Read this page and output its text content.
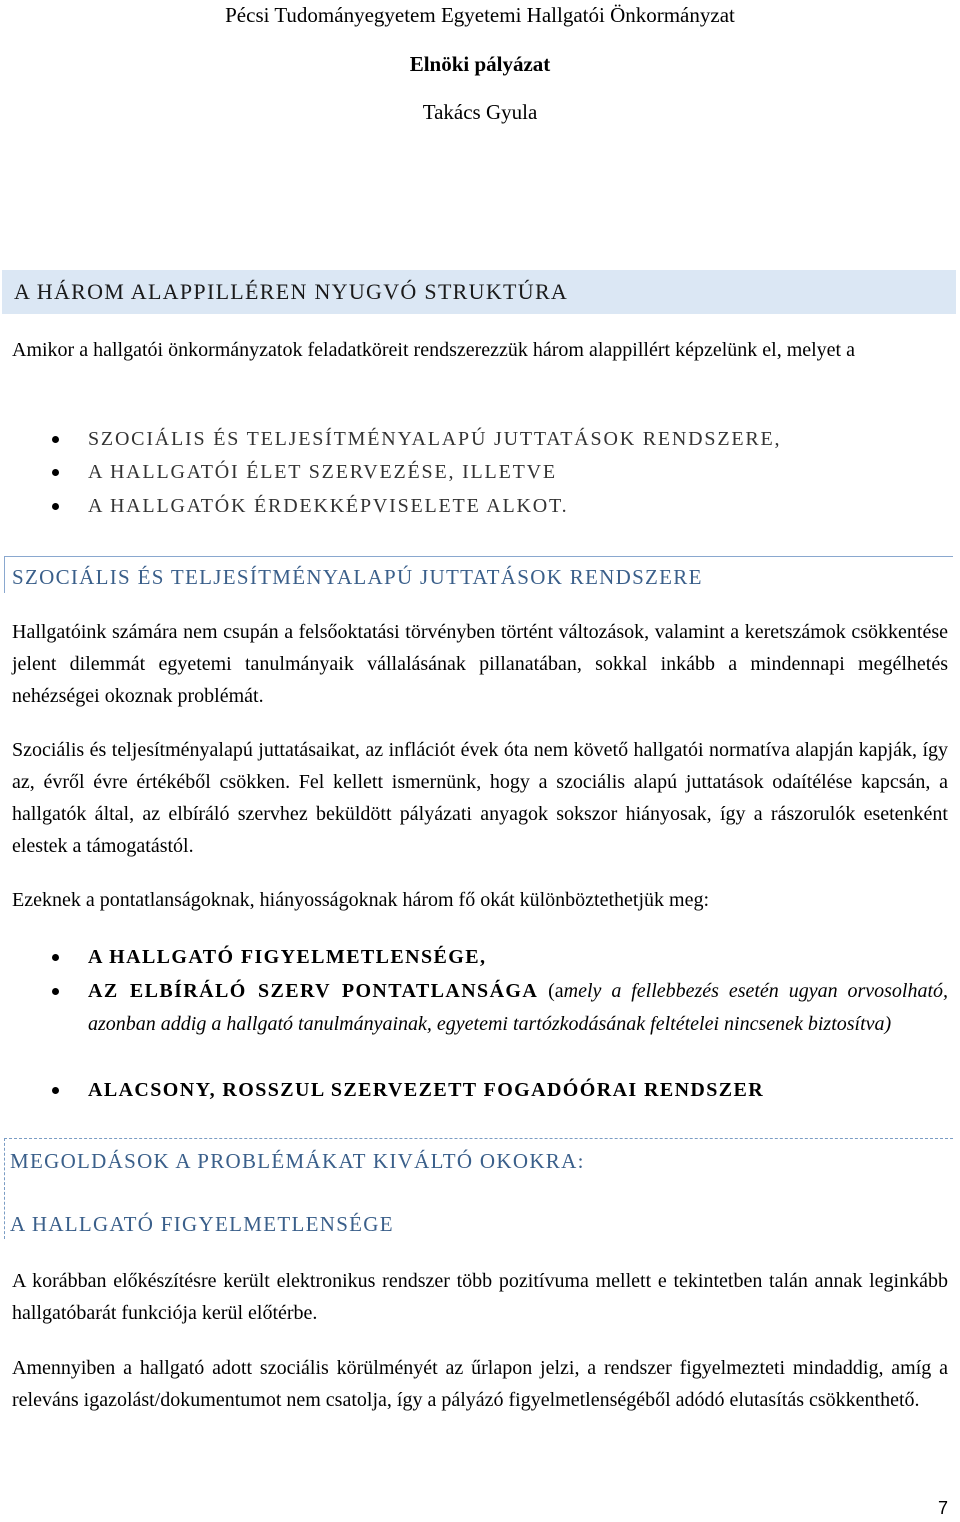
Pécsi Tudományegyetem Egyetemi Hallgatói Önkormányzat
Elnöki pályázat
Takács Gyula
A HÁROM ALAPPILLÉREN NYUGVÓ STRUKTÚRA
Amikor a hallgatói önkormányzatok feladatköreit rendszerezzük három alappillért képzelünk el, melyet a
SZOCIÁLIS ÉS TELJESÍTMÉNYALAPÚ JUTTATÁSOK RENDSZERE,
A HALLGATÓI ÉLET SZERVEZÉSE, ILLETVE
A HALLGATÓK ÉRDEKKÉPVISELETE ALKOT.
SZOCIÁLIS ÉS TELJESÍTMÉNYALAPÚ JUTTATÁSOK RENDSZERE
Hallgatóink számára nem csupán a felsőoktatási törvényben történt változások, valamint a keretszámok csökkentése jelent dilemmát egyetemi tanulmányaik vállalásának pillanatában, sokkal inkább a mindennapi megélhetés nehézségei okoznak problémát.
Szociális és teljesítményalapú juttatásaikat, az inflációt évek óta nem követő hallgatói normatíva alapján kapják, így az, évről évre értékéből csökken. Fel kellett ismernünk, hogy a szociális alapú juttatások odaítélése kapcsán, a hallgatók által, az elbíráló szervhez beküldött pályázati anyagok sokszor hiányosak, így a rászorulók esetenként elestek a támogatástól.
Ezeknek a pontatlanságoknak, hiányosságoknak három fő okát különböztethetjük meg:
A HALLGATÓ FIGYELMETLENSÉGE,
AZ ELBÍRÁLÓ SZERV PONTATLANSÁGA (amely a fellebbezés esetén ugyan orvosolható, azonban addig a hallgató tanulmányainak, egyetemi tartózkodásának feltételei nincsenek biztosítva)
ALACSONY, ROSSZUL SZERVEZETT FOGADÓÓRAI RENDSZER
MEGOLDÁSOK A PROBLÉMÁKAT KIVÁLTÓ OKOKRA:
A HALLGATÓ FIGYELMETLENSÉGE
A korábban előkészítésre került elektronikus rendszer több pozitívuma mellett e tekintetben talán annak leginkább hallgatóbarát funkciója kerül előtérbe.
Amennyiben a hallgató adott szociális körülményét az űrlapon jelzi, a rendszer figyelmezteti mindaddig, amíg a releváns igazolást/dokumentumot nem csatolja, így a pályázó figyelmetlenségéből adódó elutasítás csökkenthető.
7
